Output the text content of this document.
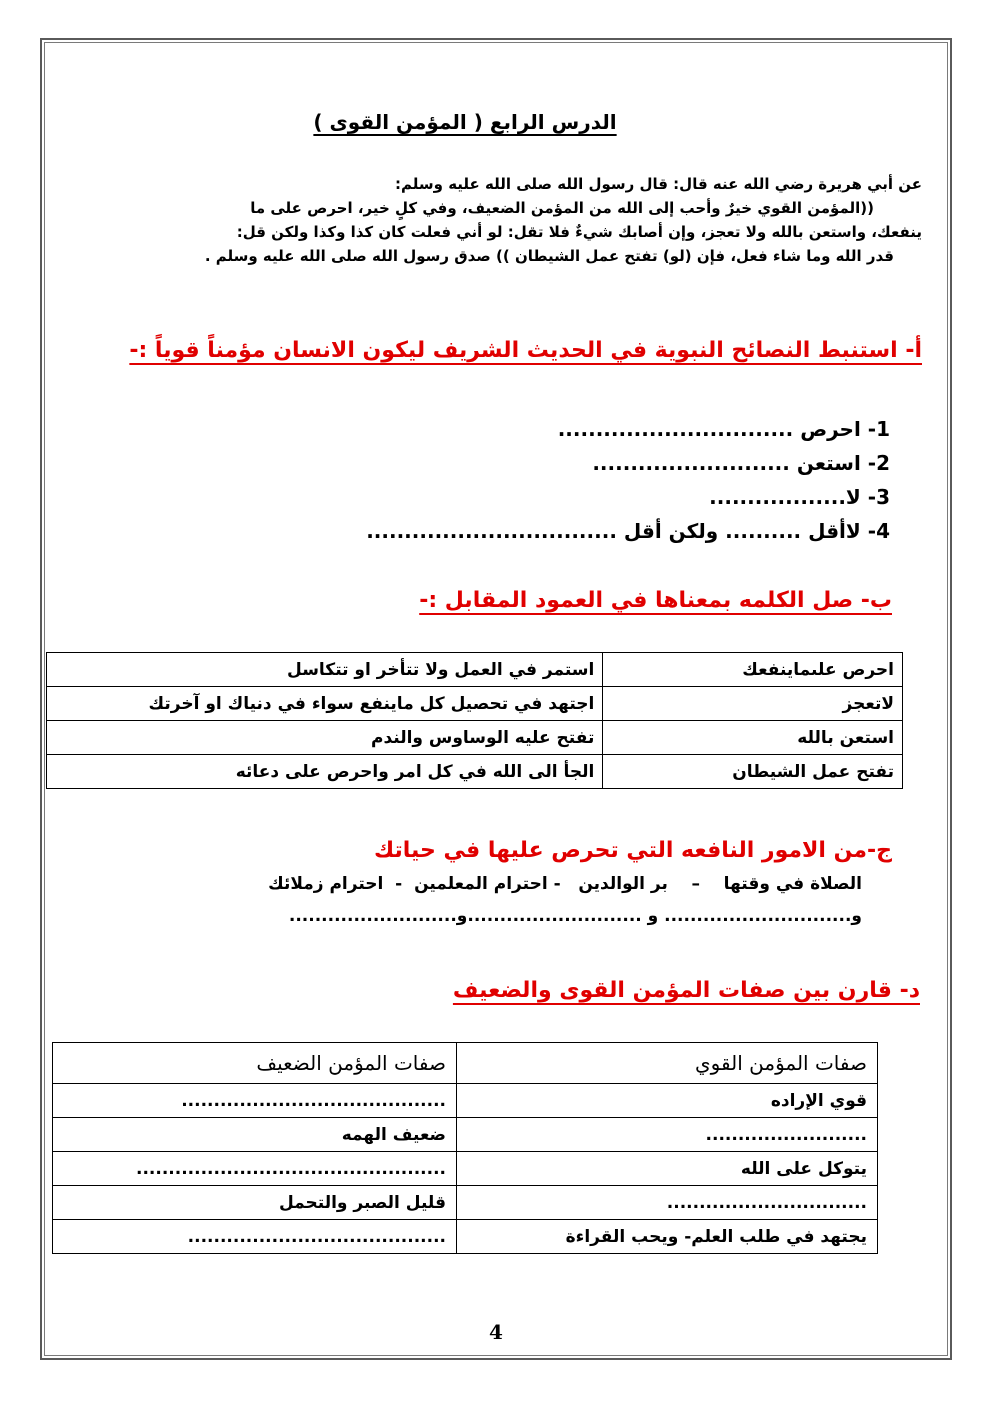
الدرس الرابع ( المؤمن القوى )

عن أبي هريرة رضي الله عنه قال: قال رسول الله صلى الله عليه وسلم:

((المؤمن القوي خيرٌ وأحب إلى الله من المؤمن الضعيف، وفي كلٍ خير، احرص على ما

ينفعك، واستعن بالله ولا تعجز، وإن أصابك شيءٌ فلا تقل: لو أني فعلت كان كذا وكذا ولكن قل:

قدر الله وما شاء فعل، فإن (لو) تفتح عمل الشيطان )) صدق رسول الله صلى الله عليه وسلم .

أ- استنبط النصائح النبوية في الحديث الشريف ليكون الانسان مؤمناً قوياً :-
1- احرص ...............................
2- استعن ..........................
3- لا..................
4- لاأقل .......... ولكن أقل .................................
ب- صل الكلمه بمعناها في العمود المقابل :-
احرص علىماينفعك	استمر في العمل ولا تتأخر او تتكاسل
لاتعجز	اجتهد في تحصيل كل ماينفع سواء في دنياك او آخرتك
استعن بالله	تفتح عليه الوساوس والندم
تفتح عمل الشيطان	الجأ الى الله في كل امر واحرص على دعائه
ج-من الامور النافعه التي تحرص عليها في حياتك
الصلاة في وقتها    –    بر الوالدين   - احترام المعلمين  -  احترام زملائك
و............................. و ...........................و..........................
د- قارن بين صفات المؤمن القوى والضعيف
صفات المؤمن القوي	صفات المؤمن الضعيف
قوي الإراده	.........................................
.........................	ضعيف الهمه
يتوكل على الله	................................................
...............................	قليل الصبر والتحمل
يجتهد في طلب العلم- ويحب القراءة	........................................
4
